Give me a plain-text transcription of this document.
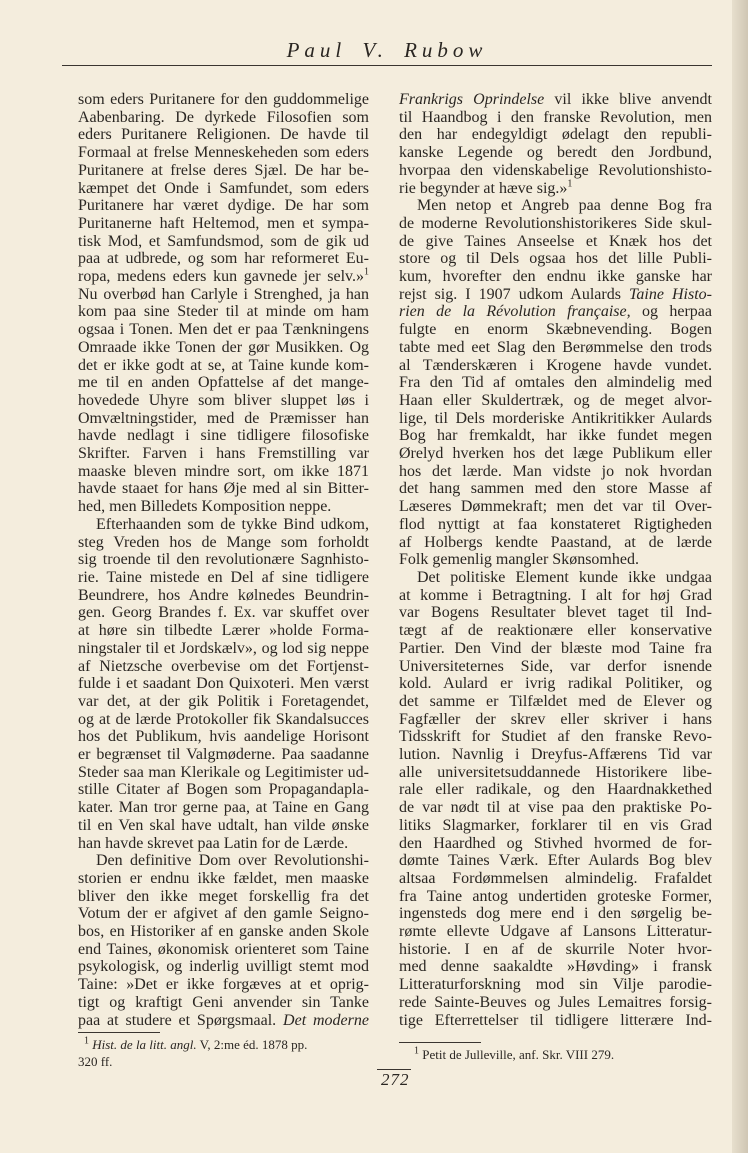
Paul V. Rubow
som eders Puritanere for den guddommelige
Aabenbaring. De dyrkede Filosofien som
eders Puritanere Religionen. De havde til
Formaal at frelse Menneskeheden som eders
Puritanere at frelse deres Sjæl. De har be-
kæmpet det Onde i Samfundet, som eders
Puritanere har været dydige. De har som
Puritanerne haft Heltemod, men et sympa-
tisk Mod, et Samfundsmod, som de gik ud
paa at udbrede, og som har reformeret Eu-
ropa, medens eders kun gavnede jer selv.»$^1$
Nu overbød han Carlyle i Strenghed, ja han
kom paa sine Steder til at minde om ham
ogsaa i Tonen. Men det er paa Tænkningens
Omraade ikke Tonen der gør Musikken. Og
det er ikke godt at se, at Taine kunde kom-
me til en anden Opfattelse af det mange-
hovedede Uhyre som bliver sluppet løs i
Omvæltningstider, med de Præmisser han
havde nedlagt i sine tidligere filosofiske
Skrifter. Farven i hans Fremstilling var
maaske bleven mindre sort, om ikke 1871
havde staaet for hans Øje med al sin Bitter-
hed, men Billedets Komposition neppe.
Efterhaanden som de tykke Bind udkom,
steg Vreden hos de Mange som forholdt
sig troende til den revolutionære Sagnhisto-
rie. Taine mistede en Del af sine tidligere
Beundrere, hos Andre kølnedes Beundrin-
gen. Georg Brandes f. Ex. var skuffet over
at høre sin tilbedte Lærer »holde Forma-
ningstaler til et Jordskælv», og lod sig neppe
af Nietzsche overbevise om det Fortjenst-
fulde i et saadant Don Quixoteri. Men værst
var det, at der gik Politik i Foretagendet,
og at de lærde Protokoller fik Skandalsucces
hos det Publikum, hvis aandelige Horisont
er begrænset til Valgmøderne. Paa saadanne
Steder saa man Klerikale og Legitimister ud-
stille Citater af Bogen som Propagandapla-
kater. Man tror gerne paa, at Taine en Gang
til en Ven skal have udtalt, han vilde ønske
han havde skrevet paa Latin for de Lærde.
Den definitive Dom over Revolutionshi-
storien er endnu ikke fældet, men maaske
bliver den ikke meget forskellig fra det
Votum der er afgivet af den gamle Seigno-
bos, en Historiker af en ganske anden Skole
end Taines, økonomisk orienteret som Taine
psykologisk, og inderlig uvilligt stemt mod
Taine: »Det er ikke forgæves at et oprig-
tigt og kraftigt Geni anvender sin Tanke
paa at studere et Spørgsmaal. Det moderne
Frankrigs Oprindelse vil ikke blive anvendt
til Haandbog i den franske Revolution, men
den har endegyldigt ødelagt den republi-
kanske Legende og beredt den Jordbund,
hvorpaa den videnskabelige Revolutionshisto-
rie begynder at hæve sig.»$^1$
Men netop et Angreb paa denne Bog fra
de moderne Revolutionshistorikeres Side skul-
de give Taines Anseelse et Knæk hos det
store og til Dels ogsaa hos det lille Publi-
kum, hvorefter den endnu ikke ganske har
rejst sig. I 1907 udkom Aulards Taine Histo-
rien de la Révolution française, og herpaa
fulgte en enorm Skæbnevending. Bogen
tabte med eet Slag den Berømmelse den trods
al Tænderskæren i Krogene havde vundet.
Fra den Tid af omtales den almindelig med
Haan eller Skuldertræk, og de meget alvor-
lige, til Dels morderiske Antikritikker Aulards
Bog har fremkaldt, har ikke fundet megen
Ørelyd hverken hos det læge Publikum eller
hos det lærde. Man vidste jo nok hvordan
det hang sammen med den store Masse af
Læseres Dømmekraft; men det var til Over-
flod nyttigt at faa konstateret Rigtigheden
af Holbergs kendte Paastand, at de lærde
Folk gemenlig mangler Skønsomhed.
Det politiske Element kunde ikke undgaa
at komme i Betragtning. I alt for høj Grad
var Bogens Resultater blevet taget til Ind-
tægt af de reaktionære eller konservative
Partier. Den Vind der blæste mod Taine fra
Universiteternes Side, var derfor isnende
kold. Aulard er ivrig radikal Politiker, og
det samme er Tilfældet med de Elever og
Fagfæller der skrev eller skriver i hans
Tidsskrift for Studiet af den franske Revo-
lution. Navnlig i Dreyfus-Affærens Tid var
alle universitetsuddannede Historikere libe-
rale eller radikale, og den Haardnakkethed
de var nødt til at vise paa den praktiske Po-
litiks Slagmarker, forklarer til en vis Grad
den Haardhed og Stivhed hvormed de for-
dømte Taines Værk. Efter Aulards Bog blev
altsaa Fordømmelsen almindelig. Frafaldet
fra Taine antog undertiden groteske Former,
ingensteds dog mere end i den sørgelig be-
rømte ellevte Udgave af Lansons Litteratur-
historie. I en af de skurrile Noter hvor-
med denne saakaldte »Høvding» i fransk
Litteraturforskning mod sin Vilje parodie-
rede Sainte-Beuves og Jules Lemaitres forsig-
tige Efterrettelser til tidligere litterære Ind-
$^1$ Hist. de la litt. angl. V, 2:me éd. 1878 pp.
320 ff.
$^1$ Petit de Julleville, anf. Skr. VIII 279.
272
